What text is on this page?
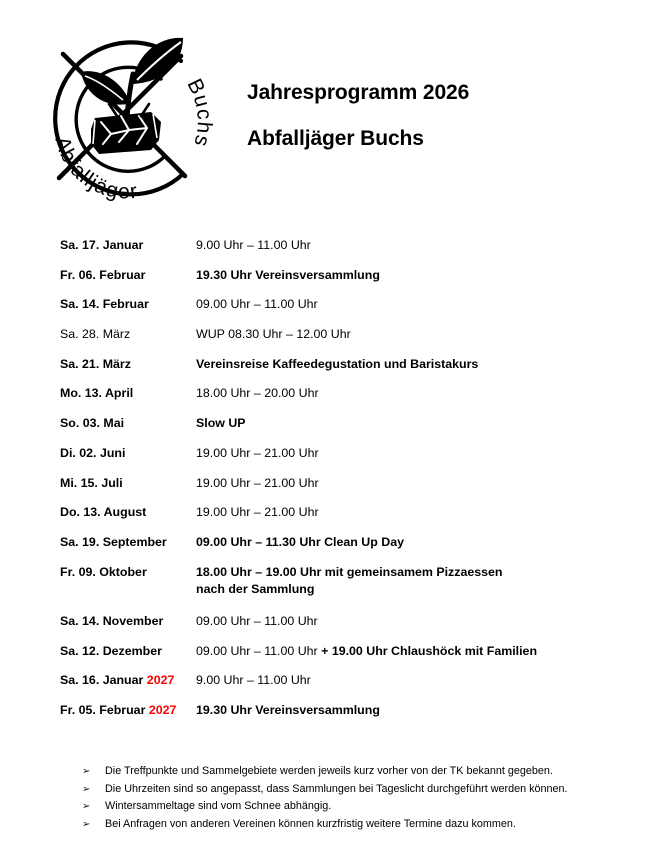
Abfalljäger
Buchs
Jahresprogramm 2026
Abfalljäger Buchs
Sa. 17. Januar	9.00 Uhr – 11.00 Uhr
Fr. 06. Februar	19.30 Uhr Vereinsversammlung
Sa. 14. Februar	09.00 Uhr – 11.00 Uhr
Sa. 28. März	WUP 08.30 Uhr – 12.00 Uhr
Sa. 21. März	Vereinsreise Kaffeedegustation und Baristakurs
Mo. 13. April	18.00 Uhr – 20.00 Uhr
So. 03. Mai	Slow UP
Di. 02. Juni	19.00 Uhr – 21.00 Uhr
Mi. 15. Juli	19.00 Uhr – 21.00 Uhr
Do. 13. August	19.00 Uhr – 21.00 Uhr
Sa. 19. September	09.00 Uhr – 11.30 Uhr Clean Up Day
Fr. 09. Oktober	18.00 Uhr – 19.00 Uhr mit gemeinsamem Pizzaessen
nach der Sammlung
Sa. 14. November	09.00 Uhr – 11.00 Uhr
Sa. 12. Dezember	09.00 Uhr – 11.00 Uhr + 19.00 Uhr Chlaushöck mit Familien
Sa. 16. Januar 2027	9.00 Uhr – 11.00 Uhr
Fr. 05. Februar 2027	19.30 Uhr Vereinsversammlung
➢	Die Treffpunkte und Sammelgebiete werden jeweils kurz vorher von der TK bekannt gegeben.
➢	Die Uhrzeiten sind so angepasst, dass Sammlungen bei Tageslicht durchgeführt werden können.
➢	Wintersammeltage sind vom Schnee abhängig.
➢	Bei Anfragen von anderen Vereinen können kurzfristig weitere Termine dazu kommen.
